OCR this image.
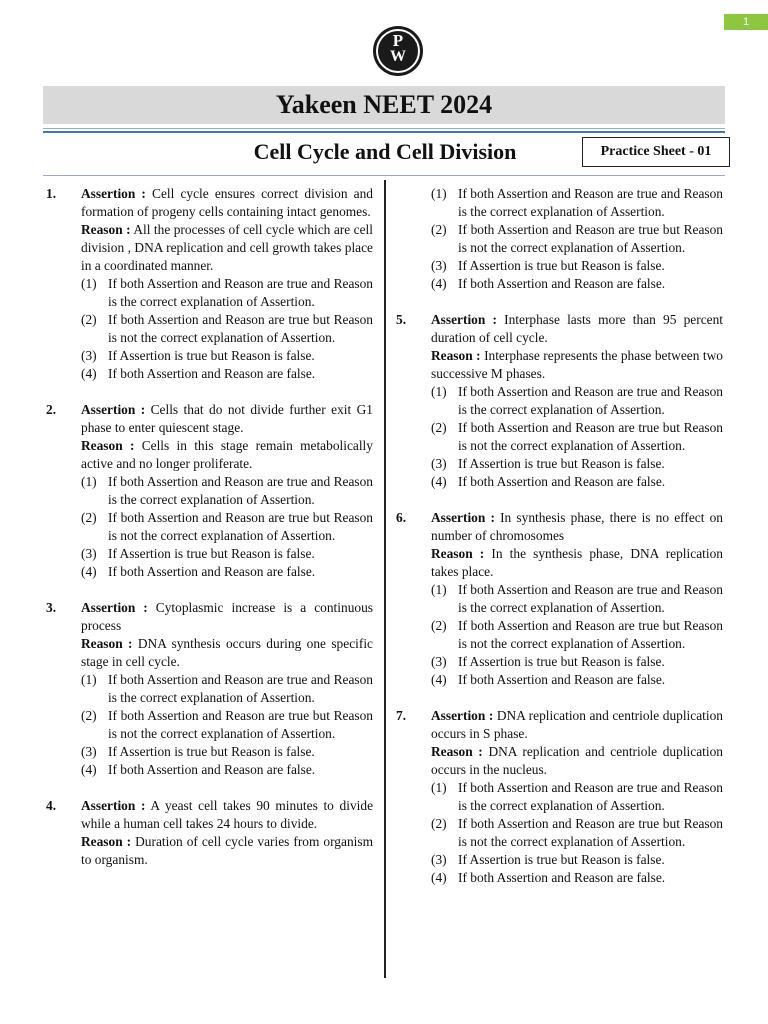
1
P
W
Yakeen NEET 2024
Cell Cycle and Cell Division	Practice Sheet - 01
1.	Assertion : Cell cycle ensures correct division and formation of progeny cells containing intact genomes.
Reason : All the processes of cell cycle which are cell division , DNA replication and cell growth takes place in a coordinated manner.
(1) If both Assertion and Reason are true and Reason is the correct explanation of Assertion.
(2) If both Assertion and Reason are true but Reason is not the correct explanation of Assertion.
(3) If Assertion is true but Reason is false.
(4) If both Assertion and Reason are false.
2.	Assertion : Cells that do not divide further exit G1 phase to enter quiescent stage.
Reason : Cells in this stage remain metabolically active and no longer proliferate.
(1) If both Assertion and Reason are true and Reason is the correct explanation of Assertion.
(2) If both Assertion and Reason are true but Reason is not the correct explanation of Assertion.
(3) If Assertion is true but Reason is false.
(4) If both Assertion and Reason are false.
3.	Assertion : Cytoplasmic increase is a continuous process
Reason : DNA synthesis occurs during one specific stage in cell cycle.
(1) If both Assertion and Reason are true and Reason is the correct explanation of Assertion.
(2) If both Assertion and Reason are true but Reason is not the correct explanation of Assertion.
(3) If Assertion is true but Reason is false.
(4) If both Assertion and Reason are false.
4.	Assertion : A yeast cell takes 90 minutes to divide while a human cell takes 24 hours to divide.
Reason : Duration of cell cycle varies from organism to organism.
(1) If both Assertion and Reason are true and Reason is the correct explanation of Assertion.
(2) If both Assertion and Reason are true but Reason is not the correct explanation of Assertion.
(3) If Assertion is true but Reason is false.
(4) If both Assertion and Reason are false.
5.	Assertion : Interphase lasts more than 95 percent duration of cell cycle.
Reason : Interphase represents the phase between two successive M phases.
(1) If both Assertion and Reason are true and Reason is the correct explanation of Assertion.
(2) If both Assertion and Reason are true but Reason is not the correct explanation of Assertion.
(3) If Assertion is true but Reason is false.
(4) If both Assertion and Reason are false.
6.	Assertion : In synthesis phase, there is no effect on number of chromosomes
Reason : In the synthesis phase, DNA replication takes place.
(1) If both Assertion and Reason are true and Reason is the correct explanation of Assertion.
(2) If both Assertion and Reason are true but Reason is not the correct explanation of Assertion.
(3) If Assertion is true but Reason is false.
(4) If both Assertion and Reason are false.
7.	Assertion : DNA replication and centriole duplication occurs in S phase.
Reason : DNA replication and centriole duplication occurs in the nucleus.
(1) If both Assertion and Reason are true and Reason is the correct explanation of Assertion.
(2) If both Assertion and Reason are true but Reason is not the correct explanation of Assertion.
(3) If Assertion is true but Reason is false.
(4) If both Assertion and Reason are false.
